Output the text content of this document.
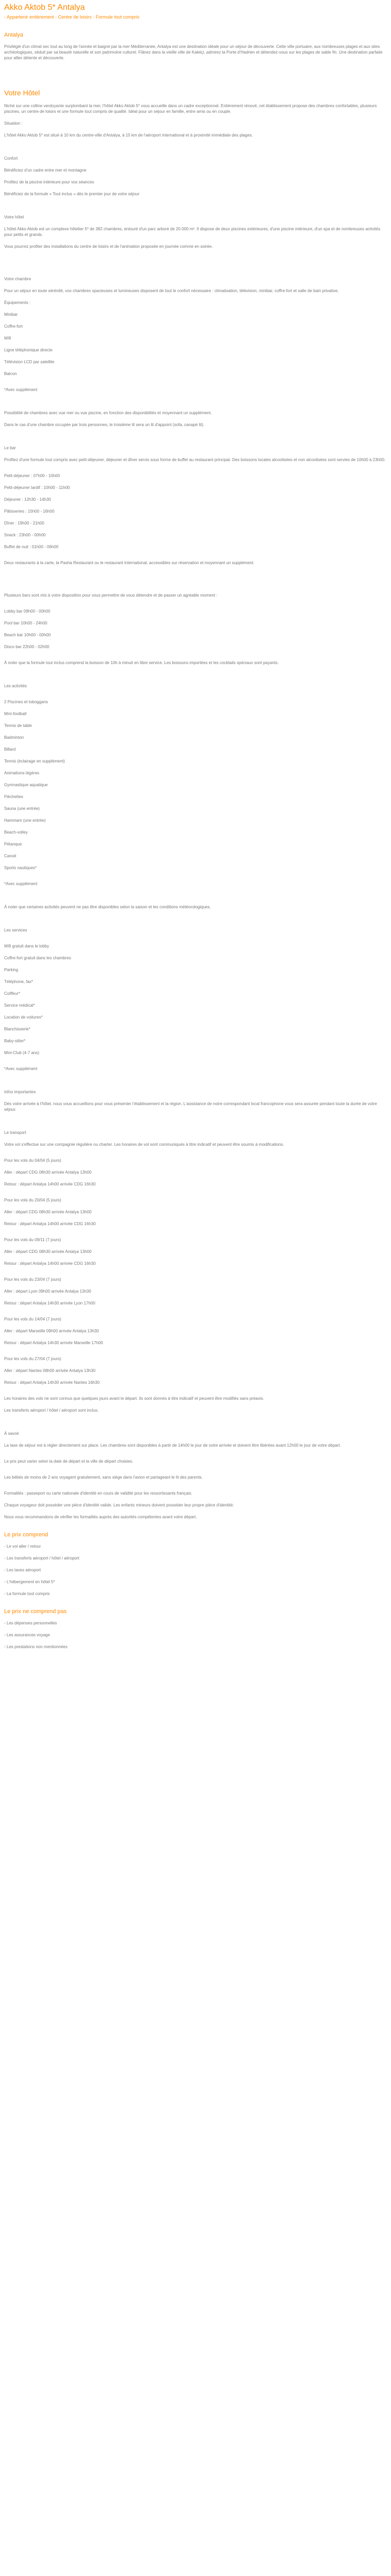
Akko Aktob 5* Antalya
- Appartenir entièrement - Centre de loisirs - Formule tout compris
Antalya
Privilégié d'un climat sec tout au long de l'année et baigné par la mer Méditerranée, Antalya est une destination idéale pour un séjour de découverte. Cette ville portuaire, aux nombreuses plages et aux sites archéologiques, séduit par sa beauté naturelle et son patrimoine culturel. Flânez dans la vieille ville de Kaleiçi, admirez la Porte d'Hadrien et détendez-vous sur les plages de sable fin. Une destination parfaite pour allier détente et découverte.
Votre Hôtel
Niché sur une colline verdoyante surplombant la mer, l'hôtel Akko Aktob 5* vous accueille dans un cadre exceptionnel. Entièrement rénové, cet établissement propose des chambres confortables, plusieurs piscines, un centre de loisirs et une formule tout compris de qualité. Idéal pour un séjour en famille, entre amis ou en couple.
Situation :
L'hôtel Akko Aktob 5* est situé à 10 km du centre-ville d'Antalya, à 15 km de l'aéroport international et à proximité immédiate des plages.
Confort
Bénéficiez d'un cadre entre mer et montagne
Profitez de la piscine intérieure pour vos séances
Bénéficiez de la formule « Tout inclus » dès le premier jour de votre séjour
Votre hôtel
L'hôtel Akko Aktob est un complexe hôtelier 5* de 382 chambres, entouré d'un parc arboré de 20 000 m². Il dispose de deux piscines extérieures, d'une piscine intérieure, d'un spa et de nombreuses activités pour petits et grands.
Vous pourrez profiter des installations du centre de loisirs et de l'animation proposée en journée comme en soirée.
Votre chambre
Pour un séjour en toute sérénité, vos chambres spacieuses et lumineuses disposent de tout le confort nécessaire : climatisation, télévision, minibar, coffre-fort et salle de bain privative.
Équipements :
Minibar
Coffre-fort
Wifi
Ligne téléphonique directe
Télévision LCD par satellite
Balcon
*Avec supplément
Possibilité de chambres avec vue mer ou vue piscine, en fonction des disponibilités et moyennant un supplément.
Dans le cas d'une chambre occupée par trois personnes, le troisième lit sera un lit d'appoint (sofa, canapé lit).
Le bar
Profitez d'une formule tout compris avec petit-déjeuner, déjeuner et dîner servis sous forme de buffet au restaurant principal. Des boissons locales alcoolisées et non alcoolisées sont servies de 10h00 à 23h00.
Petit-déjeuner : 07h00 - 10h00
Petit-déjeuner tardif : 10h00 - 11h00
Déjeuner : 12h30 - 14h30
Pâtisseries : 15h00 - 16h00
Dîner : 19h00 - 21h00
Snack : 23h00 - 00h00
Buffet de nuit : 01h00 - 06h00
Deux restaurants à la carte, la Pasha Restaurant ou le restaurant international, accessibles sur réservation et moyennant un supplément.
Plusieurs bars sont mis à votre disposition pour vous permettre de vous détendre et de passer un agréable moment :
Lobby bar 09h00 - 00h00
Pool bar 10h00 - 24h00
Beach bar 10h00 - 00h00
Disco bar 22h00 - 02h00
À noter que la formule tout inclus comprend la boisson de 10h à minuit en libre service. Les boissons importées et les cocktails spéciaux sont payants.
Les activités
2 Piscines et toboggans
Mini-football
Tennis de table
Badminton
Billard
Tennis (éclairage en supplément)
Animations légères
Gymnastique aquatique
Fléchettes
Sauna (une entrée)
Hammam (une entrée)
Beach-volley
Pétanque
Canoë
Sports nautiques*
*Avec supplément
À noter que certaines activités peuvent ne pas être disponibles selon la saison et les conditions météorologiques.
Les services
Wifi gratuit dans le lobby
Coffre-fort gratuit dans les chambres
Parking
Téléphone, fax*
Coiffeur*
Service médical*
Location de voitures*
Blanchisserie*
Baby-sitter*
Mini-Club (4-7 ans)
*Avec supplément
Infos importantes
Dès votre arrivée à l'hôtel, nous vous accueillons pour vous présenter l'établissement et la région. L'assistance de notre correspondant local francophone vous sera assurée pendant toute la durée de votre séjour.
Le transport
Votre vol s'effectue sur une compagnie régulière ou charter. Les horaires de vol sont communiqués à titre indicatif et peuvent être soumis à modifications.
Pour les vols du 04/04 (5 jours)
Aller : départ CDG 08h30 arrivée Antalya 13h00
Retour : départ Antalya 14h00 arrivée CDG 16h30
Pour les vols du 20/04 (5 jours)
Aller : départ CDG 08h30 arrivée Antalya 13h00
Retour : départ Antalya 14h00 arrivée CDG 16h30
Pour les vols du 09/11 (7 jours)
Aller : départ CDG 08h30 arrivée Antalya 13h00
Retour : départ Antalya 14h00 arrivée CDG 16h30
Pour les vols du 23/04 (7 jours)
Aller : départ Lyon 09h00 arrivée Antalya 13h30
Retour : départ Antalya 14h30 arrivée Lyon 17h00
Pour les vols du 14/04 (7 jours)
Aller : départ Marseille 09h00 arrivée Antalya 13h30
Retour : départ Antalya 14h30 arrivée Marseille 17h00
Pour les vols du 27/04 (7 jours)
Aller : départ Nantes 08h00 arrivée Antalya 13h30
Retour : départ Antalya 14h30 arrivée Nantes 16h30
Les horaires des vols ne sont connus que quelques jours avant le départ. Ils sont donnés à titre indicatif et peuvent être modifiés sans préavis.
Les transferts aéroport / hôtel / aéroport sont inclus.
À savoir
La taxe de séjour est à régler directement sur place. Les chambres sont disponibles à partir de 14h00 le jour de votre arrivée et doivent être libérées avant 12h00 le jour de votre départ.
Le prix peut varier selon la date de départ et la ville de départ choisies.
Les bébés de moins de 2 ans voyagent gratuitement, sans siège dans l'avion et partageant le lit des parents.
Formalités : passeport ou carte nationale d'identité en cours de validité pour les ressortissants français.
Chaque voyageur doit posséder une pièce d'identité valide. Les enfants mineurs doivent posséder leur propre pièce d'identité.
Nous vous recommandons de vérifier les formalités auprès des autorités compétentes avant votre départ.
Le prix comprend
- Le vol aller / retour
- Les transferts aéroport / hôtel / aéroport
- Les taxes aéroport
- L'hébergement en hôtel 5*
- La formule tout compris
Le prix ne comprend pas
- Les dépenses personnelles
- Les assurances voyage
- Les prestations non mentionnées
